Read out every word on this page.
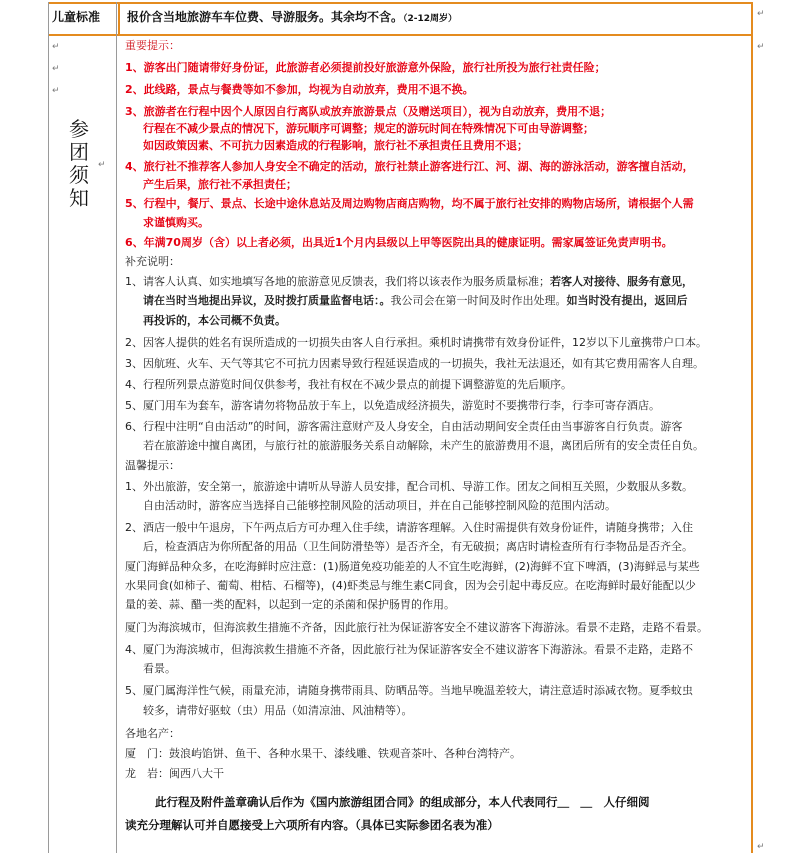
儿童标准 报价含当地旅游车车位费、导游服务。其余均不含。（2-12周岁）
参
团
须
知
↵
↵
↵
↵
↵
↵
↵
重要提示：
1、游客出门随请带好身份证，此旅游者必须提前投好旅游意外保险，旅行社所投为旅行社责任险；
2、此线路，景点与餐费等如不参加，均视为自动放弃，费用不退不换。
3、旅游者在行程中因个人原因自行离队或放弃旅游景点（及赠送项目），视为自动放弃，费用不退；
行程在不减少景点的情况下，游玩顺序可调整；规定的游玩时间在特殊情况下可由导游调整；
如因政策因素、不可抗力因素造成的行程影响，旅行社不承担责任且费用不退；
4、旅行社不推荐客人参加人身安全不确定的活动，旅行社禁止游客进行江、河、湖、海的游泳活动，游客擅自活动，
产生后果，旅行社不承担责任；
5、行程中，餐厅、景点、长途中途休息站及周边购物店商店购物，均不属于旅行社安排的购物店场所，请根据个人需
求谨慎购买。
6、年满70周岁（含）以上者必须，出具近1个月内县级以上甲等医院出具的健康证明。需家属签证免责声明书。
补充说明：
1、请客人认真、如实地填写各地的旅游意见反馈表，我们将以该表作为服务质量标准；若客人对接待、服务有意见，
请在当时当地提出异议，及时拨打质量监督电话：。我公司会在第一时间及时作出处理。如当时没有提出，返回后
再投诉的，本公司概不负责。
2、因客人提供的姓名有误所造成的一切损失由客人自行承担。乘机时请携带有效身份证件，12岁以下儿童携带户口本。
3、因航班、火车、天气等其它不可抗力因素导致行程延误造成的一切损失，我社无法退还，如有其它费用需客人自理。
4、行程所列景点游览时间仅供参考，我社有权在不减少景点的前提下调整游览的先后顺序。
5、厦门用车为套车，游客请勿将物品放于车上，以免造成经济损失，游览时不要携带行李，行李可寄存酒店。
6、行程中注明“自由活动”的时间，游客需注意财产及人身安全，自由活动期间安全责任由当事游客自行负责。游客
若在旅游途中擅自离团，与旅行社的旅游服务关系自动解除，未产生的旅游费用不退，离团后所有的安全责任自负。
温馨提示：
1、外出旅游，安全第一，旅游途中请听从导游人员安排，配合司机、导游工作。团友之间相互关照，少数服从多数。
自由活动时，游客应当选择自己能够控制风险的活动项目，并在自己能够控制风险的范围内活动。
2、酒店一般中午退房，下午两点后方可办理入住手续，请游客理解。入住时需提供有效身份证件，请随身携带；入住
后，检查酒店为你所配备的用品（卫生间防滑垫等）是否齐全，有无破损；离店时请检查所有行李物品是否齐全。
厦门海鲜品种众多，在吃海鲜时应注意：(1)肠道免疫功能差的人不宜生吃海鲜，(2)海鲜不宜下啤酒，(3)海鲜忌与某些
水果同食(如柿子、葡萄、柑桔、石榴等)，(4)虾类忌与维生素C同食，因为会引起中毒反应。在吃海鲜时最好能配以少
量的姜、蒜、醋一类的配料，以起到一定的杀菌和保护肠胃的作用。
厦门为海滨城市，但海滨救生措施不齐备，因此旅行社为保证游客安全不建议游客下海游泳。看景不走路，走路不看景。
4、厦门为海滨城市，但海滨救生措施不齐备，因此旅行社为保证游客安全不建议游客下海游泳。看景不走路，走路不
看景。
5、厦门属海洋性气候，雨量充沛，请随身携带雨具、防晒品等。当地早晚温差较大，请注意适时添减衣物。夏季蚊虫
较多，请带好驱蚊（虫）用品（如清凉油、风油精等）。
各地名产：
厦　门：鼓浪屿馅饼、鱼干、各种水果干、漆线雕、铁观音茶叶、各种台湾特产。
龙　岩：闽西八大干
此行程及附件盖章确认后作为《国内旅游组团合同》的组成部分，本人代表同行＿　＿　人仔细阅
读充分理解认可并自愿接受上六项所有内容。（具体已实际参团名表为准）
